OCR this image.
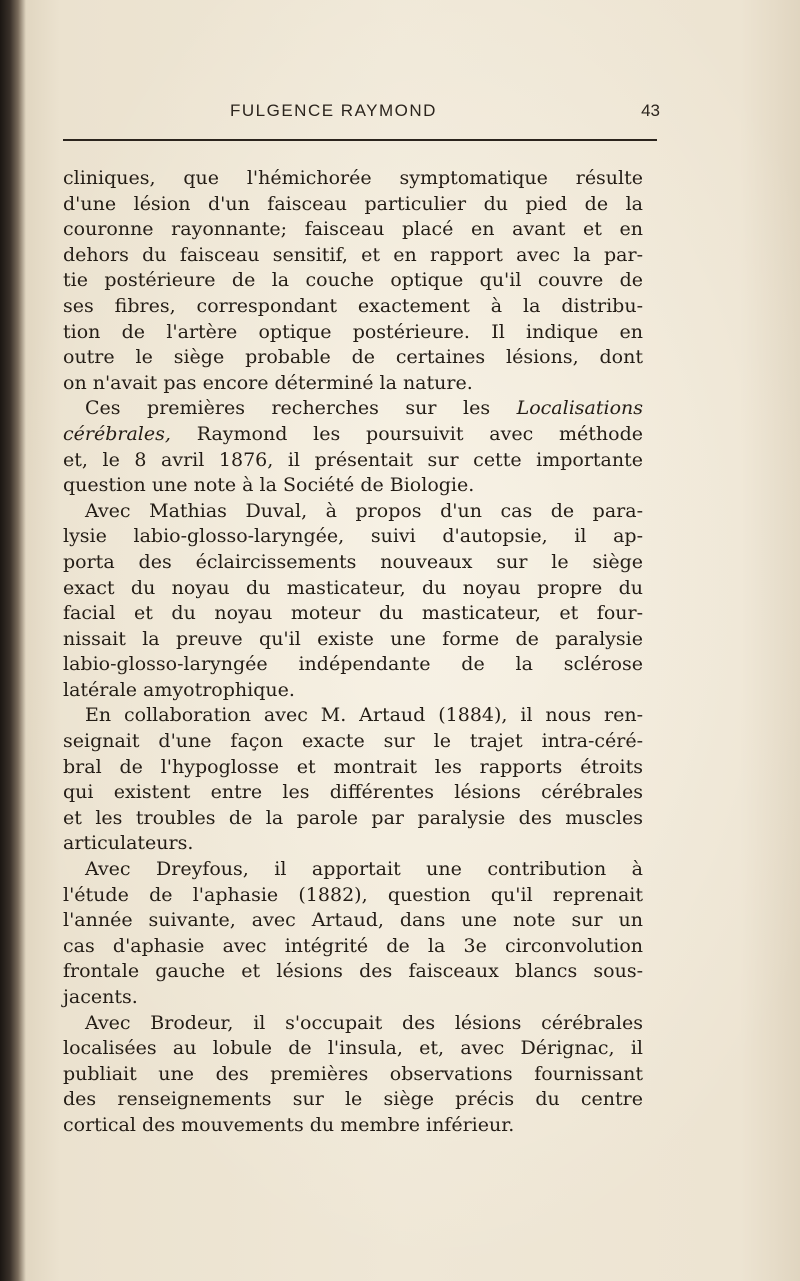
FULGENCE RAYMOND	43
cliniques, que l'hémichorée symptomatique résulte
d'une lésion d'un faisceau particulier du pied de la
couronne rayonnante; faisceau placé en avant et en
dehors du faisceau sensitif, et en rapport avec la par-
tie postérieure de la couche optique qu'il couvre de
ses fibres, correspondant exactement à la distribu-
tion de l'artère optique postérieure. Il indique en
outre le siège probable de certaines lésions, dont
on n'avait pas encore déterminé la nature.
Ces premières recherches sur les Localisations
cérébrales, Raymond les poursuivit avec méthode
et, le 8 avril 1876, il présentait sur cette importante
question une note à la Société de Biologie.
Avec Mathias Duval, à propos d'un cas de para-
lysie labio-glosso-laryngée, suivi d'autopsie, il ap-
porta des éclaircissements nouveaux sur le siège
exact du noyau du masticateur, du noyau propre du
facial et du noyau moteur du masticateur, et four-
nissait la preuve qu'il existe une forme de paralysie
labio-glosso-laryngée indépendante de la sclérose
latérale amyotrophique.
En collaboration avec M. Artaud (1884), il nous ren-
seignait d'une façon exacte sur le trajet intra-céré-
bral de l'hypoglosse et montrait les rapports étroits
qui existent entre les différentes lésions cérébrales
et les troubles de la parole par paralysie des muscles
articulateurs.
Avec Dreyfous, il apportait une contribution à
l'étude de l'aphasie (1882), question qu'il reprenait
l'année suivante, avec Artaud, dans une note sur un
cas d'aphasie avec intégrité de la 3e circonvolution
frontale gauche et lésions des faisceaux blancs sous-
jacents.
Avec Brodeur, il s'occupait des lésions cérébrales
localisées au lobule de l'insula, et, avec Dérignac, il
publiait une des premières observations fournissant
des renseignements sur le siège précis du centre
cortical des mouvements du membre inférieur.
